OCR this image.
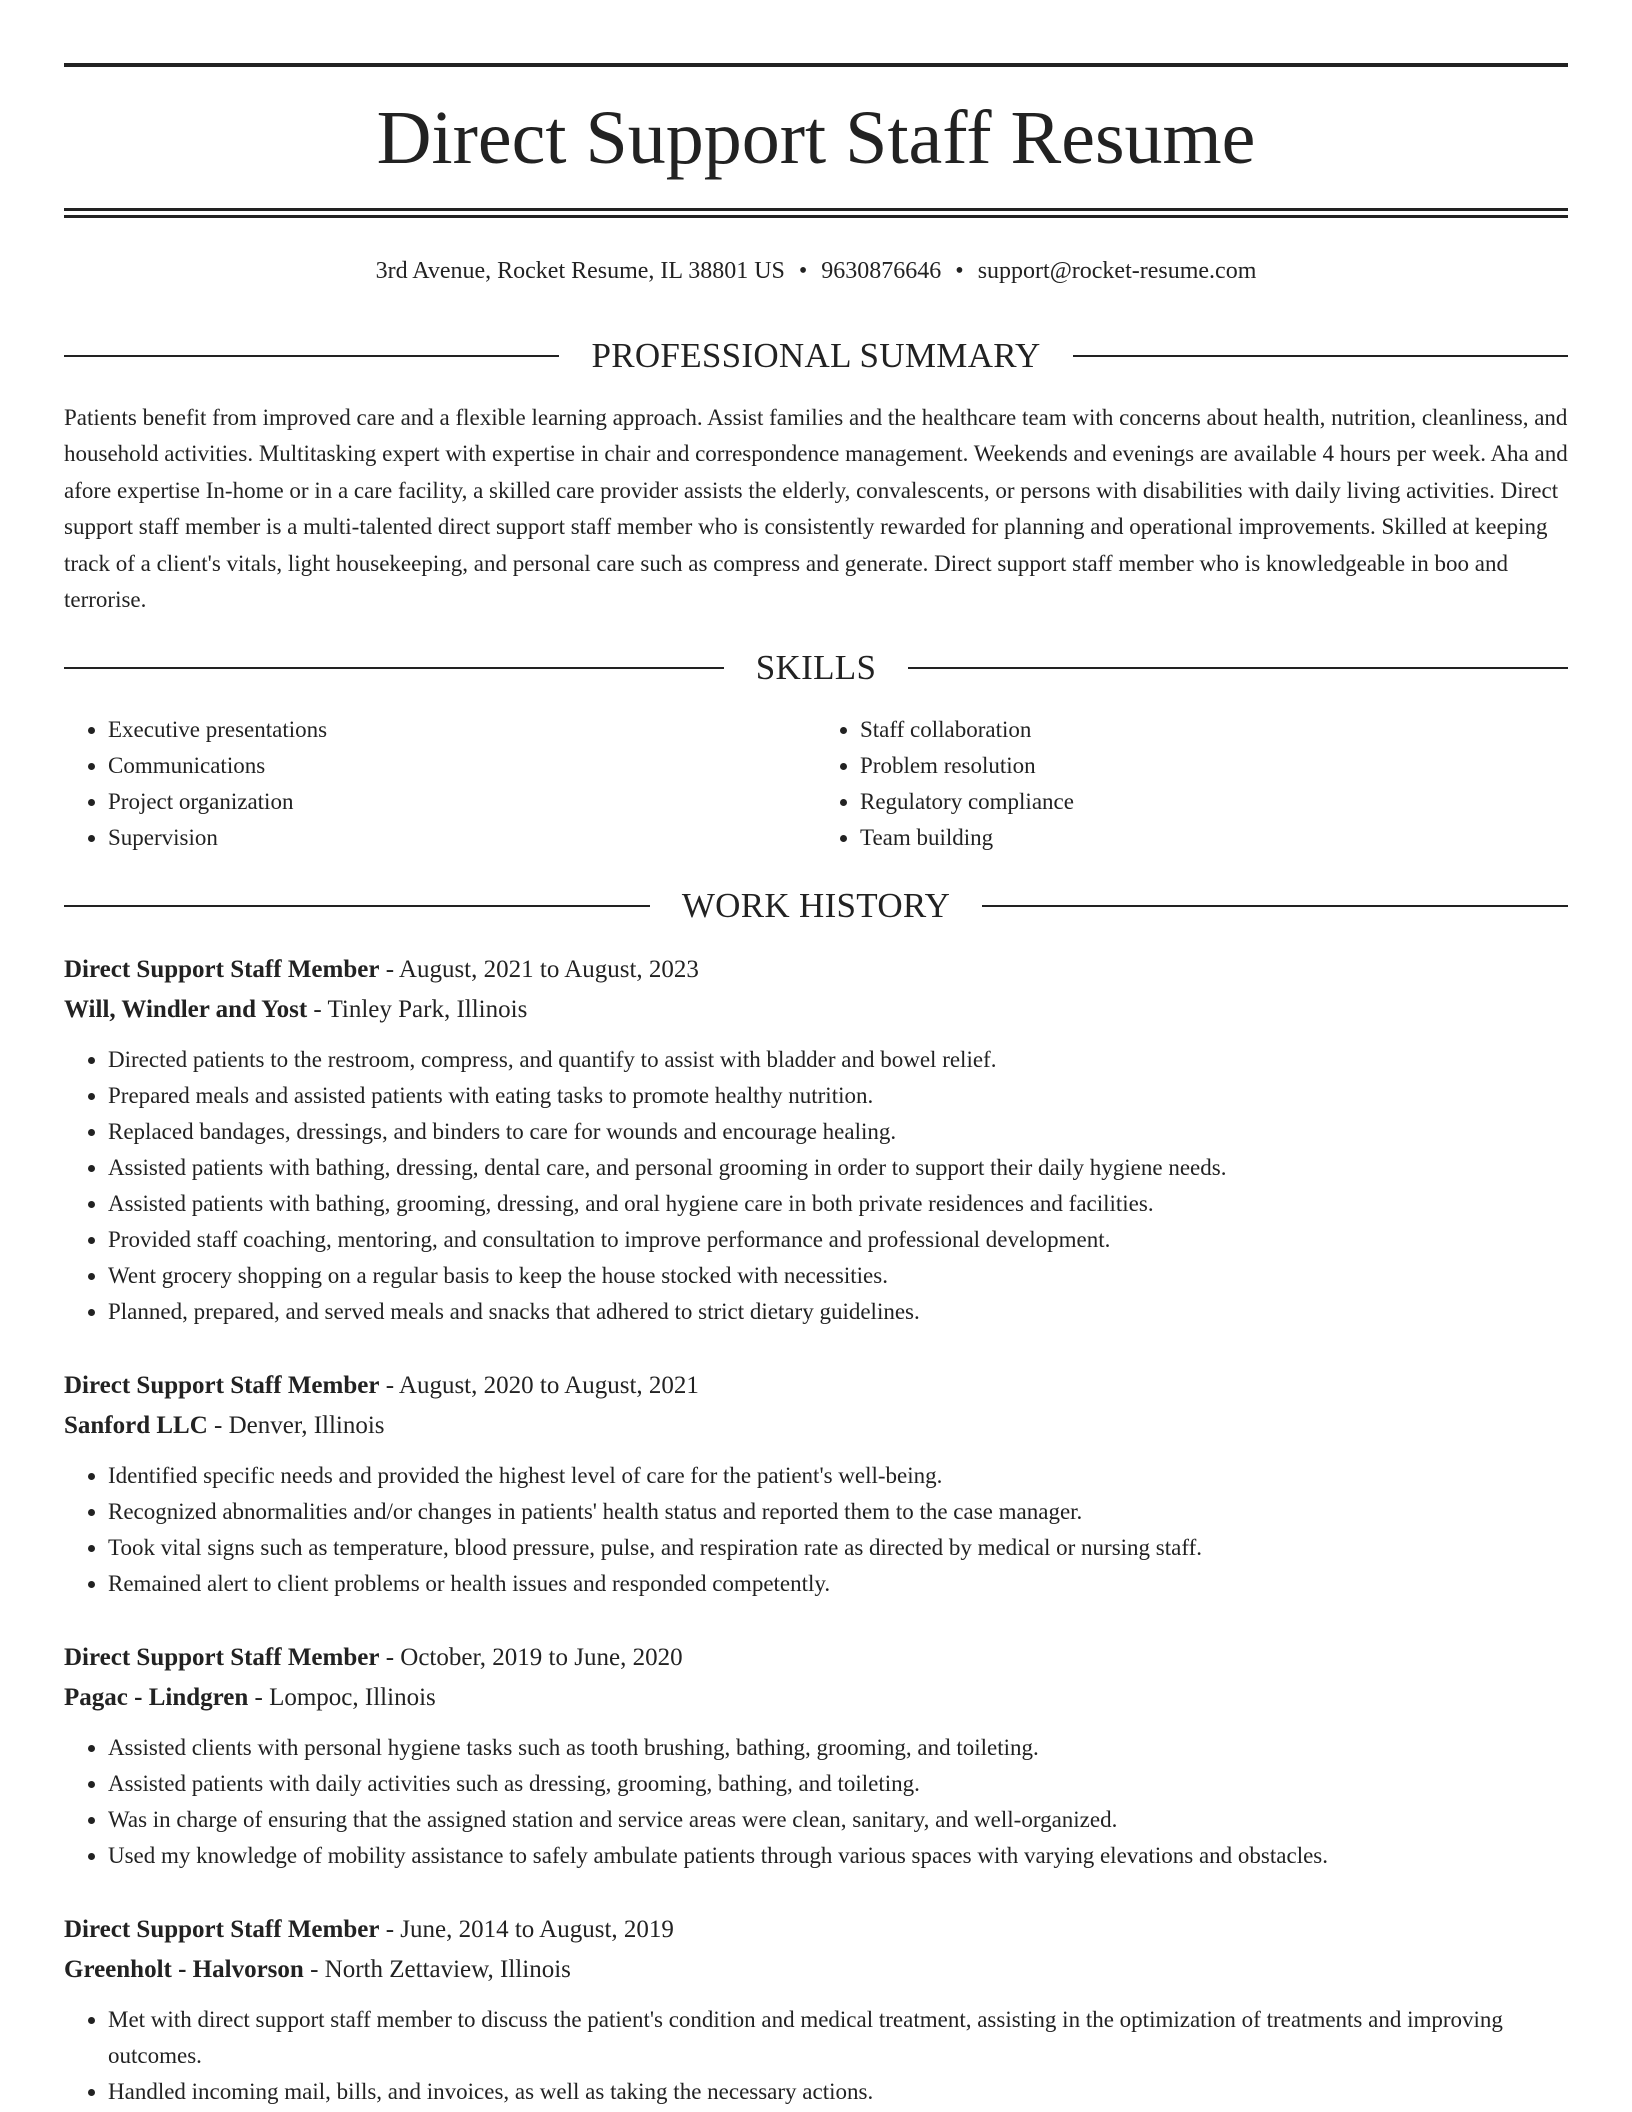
Direct Support Staff Resume
3rd Avenue, Rocket Resume, IL 38801 US • 9630876646 • support@rocket-resume.com
PROFESSIONAL SUMMARY

Patients benefit from improved care and a flexible learning approach. Assist families and the healthcare team with concerns about health, nutrition, cleanliness, and household activities. Multitasking expert with expertise in chair and correspondence management. Weekends and evenings are available 4 hours per week. Aha and afore expertise In-home or in a care facility, a skilled care provider assists the elderly, convalescents, or persons with disabilities with daily living activities. Direct support staff member is a multi-talented direct support staff member who is consistently rewarded for planning and operational improvements. Skilled at keeping track of a client's vitals, light housekeeping, and personal care such as compress and generate. Direct support staff member who is knowledgeable in boo and terrorise.

SKILLS
• Executive presentations
• Communications
• Project organization
• Supervision
• Staff collaboration
• Problem resolution
• Regulatory compliance
• Team building
WORK HISTORY
Direct Support Staff Member - August, 2021 to August, 2023
Will, Windler and Yost - Tinley Park, Illinois
• Directed patients to the restroom, compress, and quantify to assist with bladder and bowel relief.
• Prepared meals and assisted patients with eating tasks to promote healthy nutrition.
• Replaced bandages, dressings, and binders to care for wounds and encourage healing.
• Assisted patients with bathing, dressing, dental care, and personal grooming in order to support their daily hygiene needs.
• Assisted patients with bathing, grooming, dressing, and oral hygiene care in both private residences and facilities.
• Provided staff coaching, mentoring, and consultation to improve performance and professional development.
• Went grocery shopping on a regular basis to keep the house stocked with necessities.
• Planned, prepared, and served meals and snacks that adhered to strict dietary guidelines.
Direct Support Staff Member - August, 2020 to August, 2021
Sanford LLC - Denver, Illinois
• Identified specific needs and provided the highest level of care for the patient's well-being.
• Recognized abnormalities and/or changes in patients' health status and reported them to the case manager.
• Took vital signs such as temperature, blood pressure, pulse, and respiration rate as directed by medical or nursing staff.
• Remained alert to client problems or health issues and responded competently.
Direct Support Staff Member - October, 2019 to June, 2020
Pagac - Lindgren - Lompoc, Illinois
• Assisted clients with personal hygiene tasks such as tooth brushing, bathing, grooming, and toileting.
• Assisted patients with daily activities such as dressing, grooming, bathing, and toileting.
• Was in charge of ensuring that the assigned station and service areas were clean, sanitary, and well-organized.
• Used my knowledge of mobility assistance to safely ambulate patients through various spaces with varying elevations and obstacles.
Direct Support Staff Member - June, 2014 to August, 2019
Greenholt - Halvorson - North Zettaview, Illinois
• Met with direct support staff member to discuss the patient's condition and medical treatment, assisting in the optimization of treatments and improving outcomes.
• Handled incoming mail, bills, and invoices, as well as taking the necessary actions.
